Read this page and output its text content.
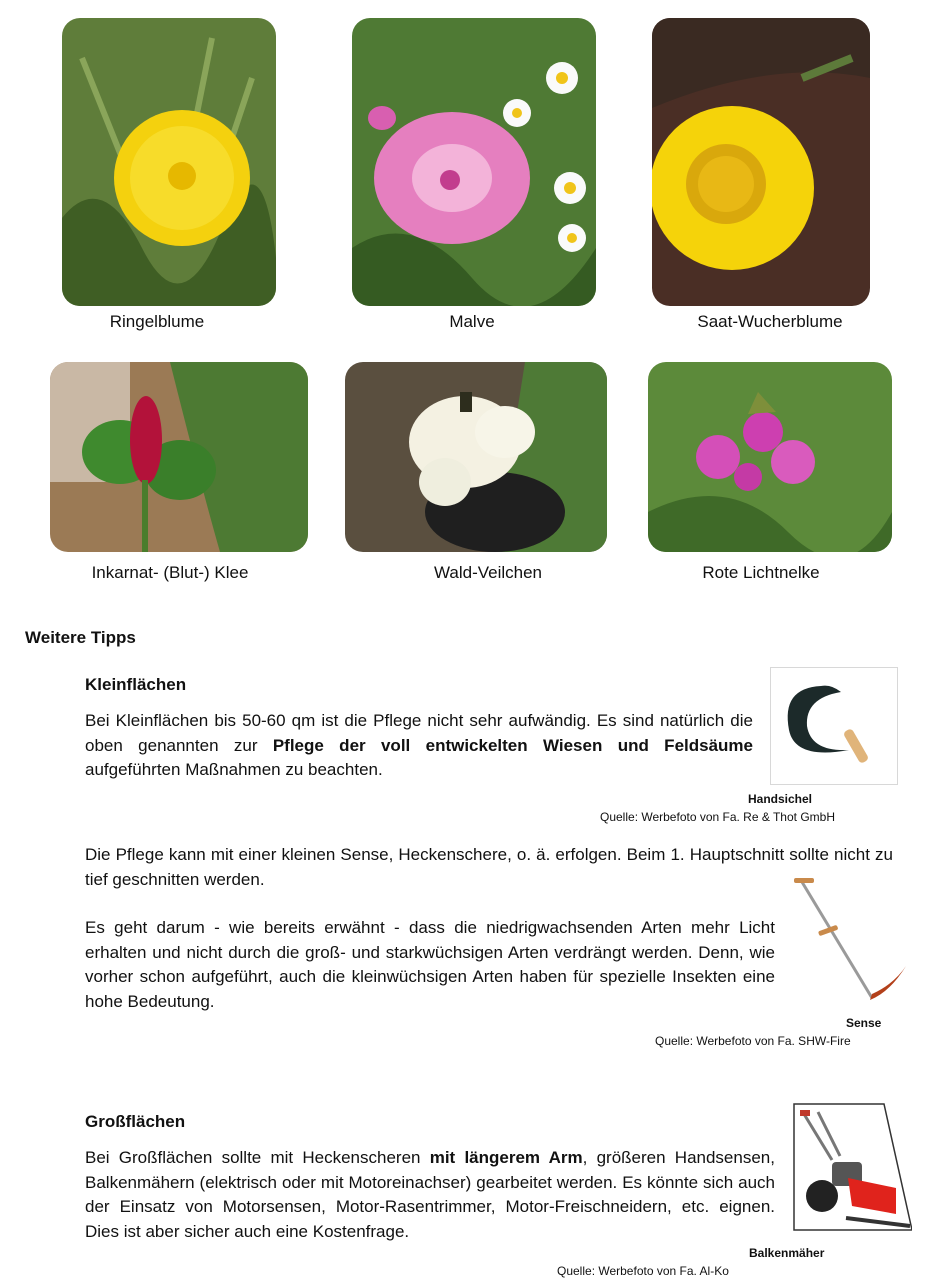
Ringelblume	Malve	Saat-Wucherblume
Inkarnat- (Blut-) Klee	Wald-Veilchen	Rote Lichtnelke
Weitere Tipps
Kleinflächen
Bei Kleinflächen bis 50-60 qm ist die Pflege nicht sehr aufwändig. Es sind natürlich die oben genannten zur Pflege der voll entwickelten Wiesen und Feldsäume aufgeführten Maßnahmen zu beachten.
Handsichel
Quelle: Werbefoto von Fa. Re & Thot GmbH
Die Pflege kann mit einer kleinen Sense, Heckenschere, o. ä. erfolgen. Beim 1. Hauptschnitt sollte nicht zu tief geschnitten werden.
Es geht darum - wie bereits erwähnt - dass die niedrigwachsenden Arten mehr Licht erhalten und nicht durch die groß- und starkwüchsigen Arten verdrängt werden. Denn, wie vorher schon aufgeführt, auch die kleinwüchsigen Arten haben für spezielle Insekten eine hohe Bedeutung.
Sense
Quelle: Werbefoto von Fa. SHW-Fire
Großflächen
Bei Großflächen sollte mit Heckenscheren mit längerem Arm, größeren Handsensen, Balkenmähern (elektrisch oder mit Motoreinachser) gearbeitet werden. Es könnte sich auch der Einsatz von Motorsensen, Motor-Rasentrimmer, Motor-Freischneidern, etc. eignen. Dies ist aber sicher auch eine Kostenfrage.
Balkenmäher
Quelle: Werbefoto von Fa. Al-Ko
